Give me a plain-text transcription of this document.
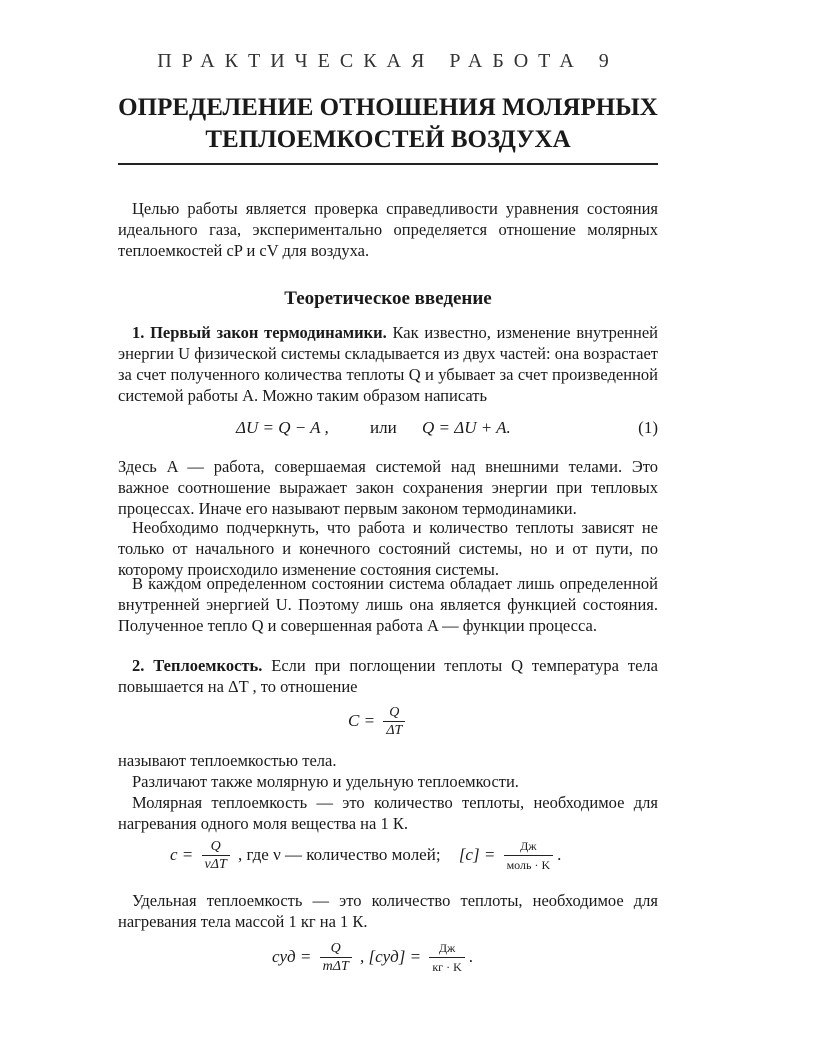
ПРАКТИЧЕСКАЯ РАБОТА 9
ОПРЕДЕЛЕНИЕ ОТНОШЕНИЯ МОЛЯРНЫХ
ТЕПЛОЕМКОСТЕЙ ВОЗДУХА

Целью работы является проверка справедливости уравнения состояния идеального газа, экспериментально определяется отношение молярных теплоемкостей cP и cV для воздуха.

Теоретическое введение

1. Первый закон термодинамики. Как известно, изменение внутренней энергии U физической системы складывается из двух частей: она возрастает за счет полученного количества теплоты Q и убывает за счет произведенной системой работы A. Можно таким образом написать

ΔU = Q − A , или Q = ΔU + A.	(1)

Здесь A — работа, совершаемая системой над внешними телами. Это важное соотношение выражает закон сохранения энергии при тепловых процессах. Иначе его называют первым законом термодинамики.

Необходимо подчеркнуть, что работа и количество теплоты зависят не только от начального и конечного состояний системы, но и от пути, по которому происходило изменение состояния системы.

В каждом определенном состоянии система обладает лишь определенной внутренней энергией U. Поэтому лишь она является функцией состояния. Полученное тепло Q и совершенная работа A — функции процесса.

2. Теплоемкость. Если при поглощении теплоты Q температура тела повышается на ΔT , то отношение

$C = \frac{Q}{\Delta T}$

называют теплоемкостью тела.

Различают также молярную и удельную теплоемкости.

Молярная теплоемкость — это количество теплоты, необходимое для нагревания одного моля вещества на 1 К.

$c = \frac{Q}{\text{νΔT}}$ , где ν — количество молей; $[c] = \frac{Дж}{\text{моль · K}}$ .

Удельная теплоемкость — это количество теплоты, необходимое для нагревания тела массой 1 кг на 1 К.

cуд = $\frac{Q}{\text{mΔT}}$ , $[cуд] = \frac{Дж}{кг \cdot K}$ .
